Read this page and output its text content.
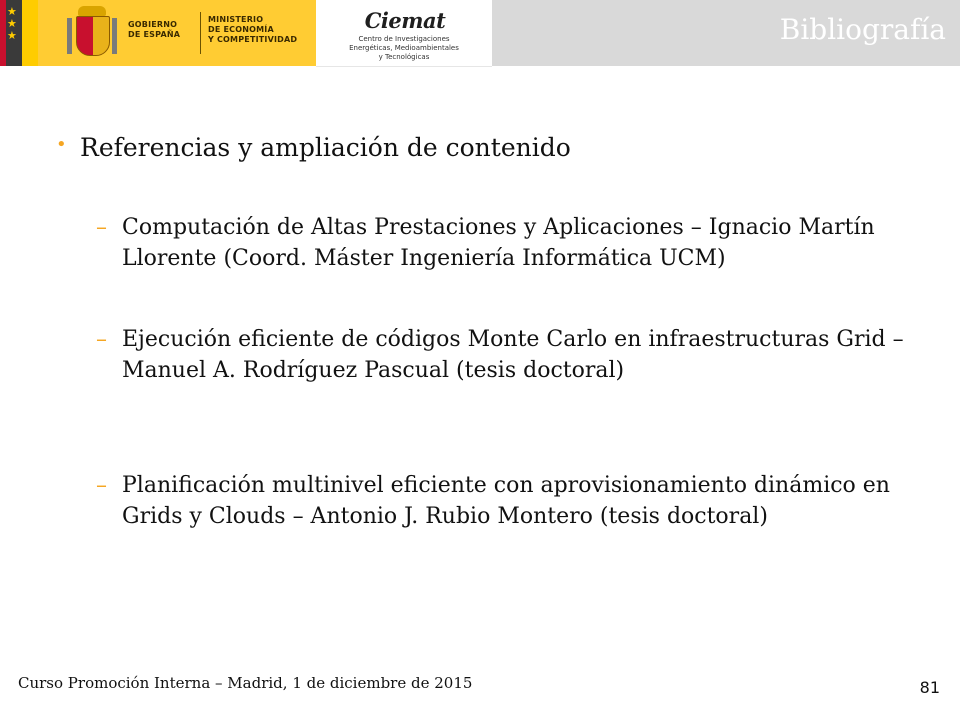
★
★
★
GOBIERNO
DE ESPAÑA
MINISTERIO
DE ECONOMÍA
Y COMPETITIVIDAD
Ciemat
Centro de Investigaciones
Energéticas, Medioambientales
y Tecnológicas
Bibliografía
• Referencias y ampliación de contenido
– Computación de Altas Prestaciones y Aplicaciones – Ignacio Martín Llorente (Coord. Máster Ingeniería Informática UCM)
– Ejecución eficiente de códigos Monte Carlo en infraestructuras Grid – Manuel A. Rodríguez Pascual (tesis doctoral)
– Planificación multinivel eficiente con aprovisionamiento dinámico en Grids y Clouds – Antonio J. Rubio Montero (tesis doctoral)
Curso Promoción Interna – Madrid, 1 de diciembre de 2015	81
